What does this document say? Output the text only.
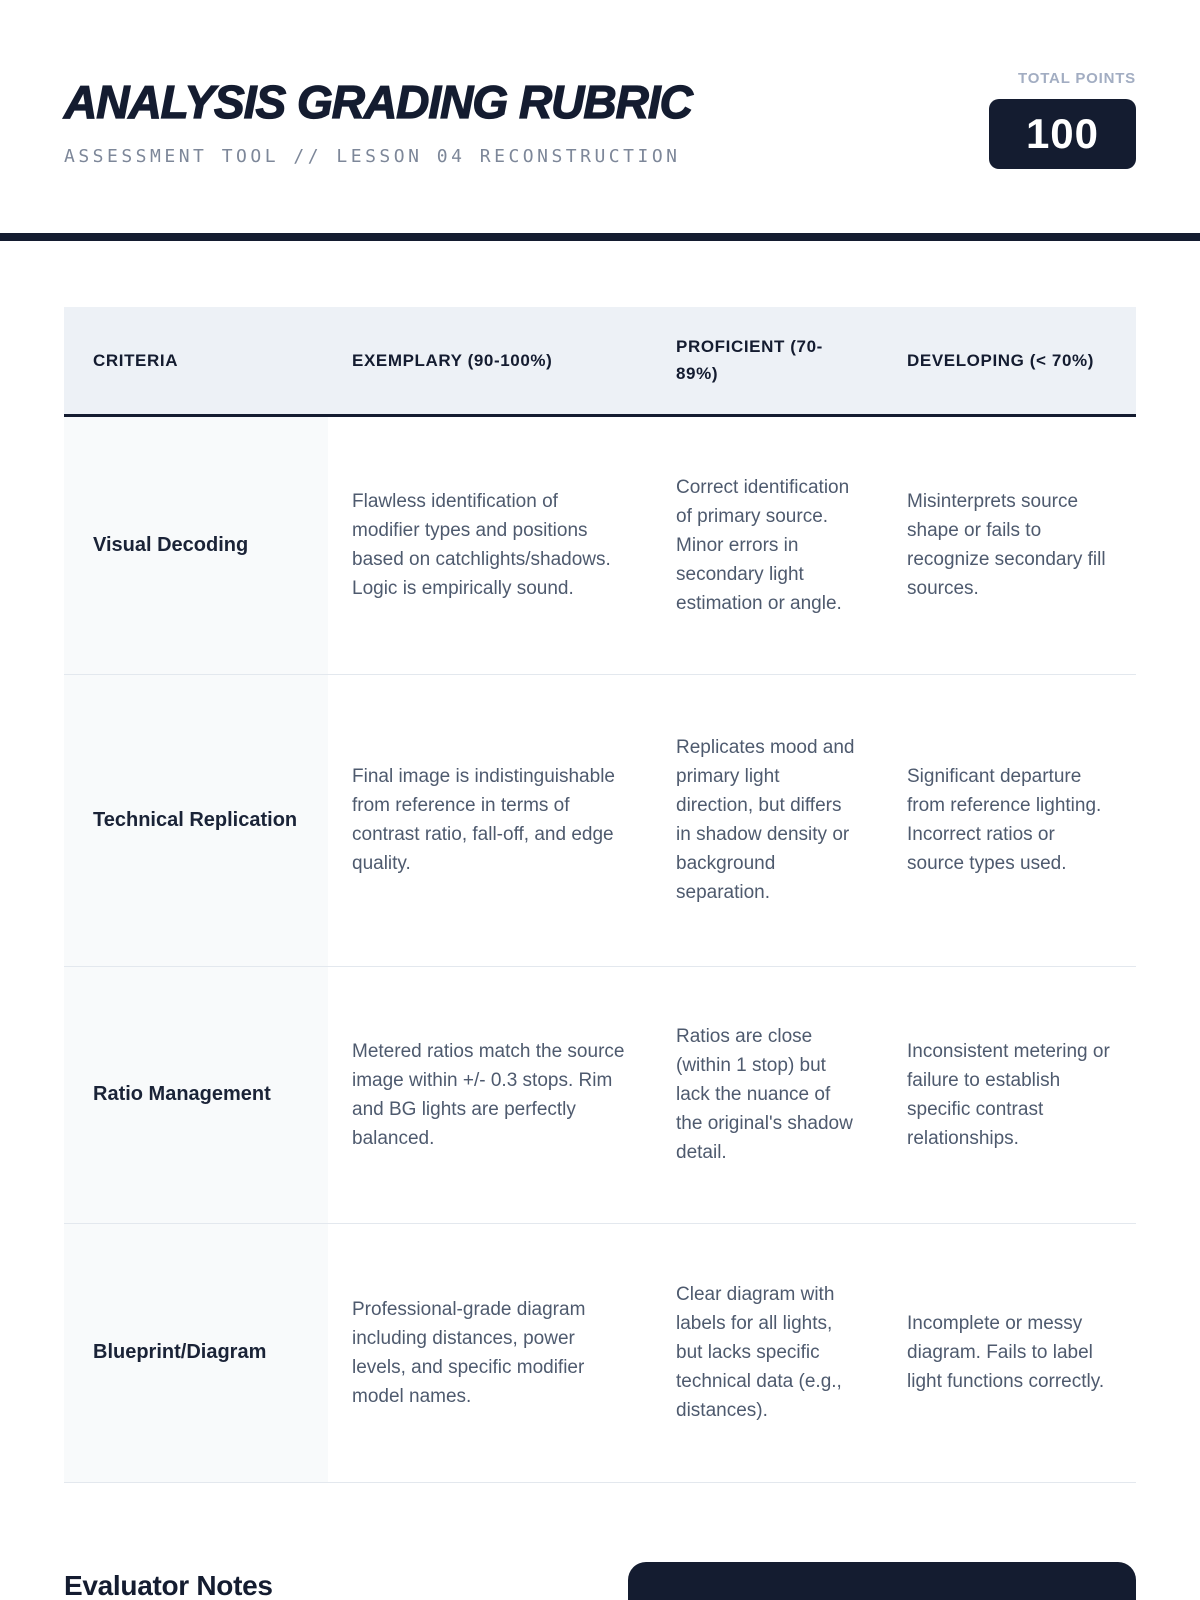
ANALYSIS GRADING RUBRIC
ASSESSMENT TOOL // LESSON 04 RECONSTRUCTION
TOTAL POINTS
100
CRITERIA	EXEMPLARY (90-100%)	PROFICIENT (70-89%)	DEVELOPING (< 70%)
Visual Decoding	Flawless identification of modifier types and positions based on catchlights/shadows. Logic is empirically sound.	Correct identification of primary source. Minor errors in secondary light estimation or angle.	Misinterprets source shape or fails to recognize secondary fill sources.
Technical Replication	Final image is indistinguishable from reference in terms of contrast ratio, fall-off, and edge quality.	Replicates mood and primary light direction, but differs in shadow density or background separation.	Significant departure from reference lighting. Incorrect ratios or source types used.
Ratio Management	Metered ratios match the source image within +/- 0.3 stops. Rim and BG lights are perfectly balanced.	Ratios are close (within 1 stop) but lack the nuance of the original's shadow detail.	Inconsistent metering or failure to establish specific contrast relationships.
Blueprint/Diagram	Professional-grade diagram including distances, power levels, and specific modifier model names.	Clear diagram with labels for all lights, but lacks specific technical data (e.g., distances).	Incomplete or messy diagram. Fails to label light functions correctly.
Evaluator Notes
